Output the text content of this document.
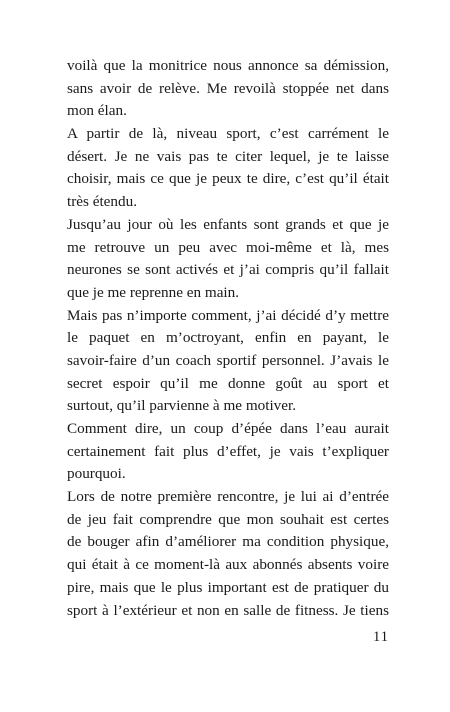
voilà que la monitrice nous annonce sa démission,
sans avoir de relève. Me revoilà stoppée net dans
mon élan.
A partir de là, niveau sport, c’est carrément le
désert. Je ne vais pas te citer lequel, je te laisse
choisir, mais ce que je peux te dire, c’est qu’il était
très étendu.
Jusqu’au jour où les enfants sont grands et que je
me retrouve un peu avec moi-même et là, mes
neurones se sont activés et j’ai compris qu’il fallait
que je me reprenne en main.
Mais pas n’importe comment, j’ai décidé d’y mettre
le paquet en m’octroyant, enfin en payant, le
savoir-faire d’un coach sportif personnel. J’avais le
secret espoir qu’il me donne goût au sport et
surtout, qu’il parvienne à me motiver.
Comment dire, un coup d’épée dans l’eau aurait
certainement fait plus d’effet, je vais t’expliquer
pourquoi.
Lors de notre première rencontre, je lui ai d’entrée
de jeu fait comprendre que mon souhait est certes
de bouger afin d’améliorer ma condition physique,
qui était à ce moment-là aux abonnés absents voire
pire, mais que le plus important est de pratiquer du
sport à l’extérieur et non en salle de fitness. Je tiens
11
